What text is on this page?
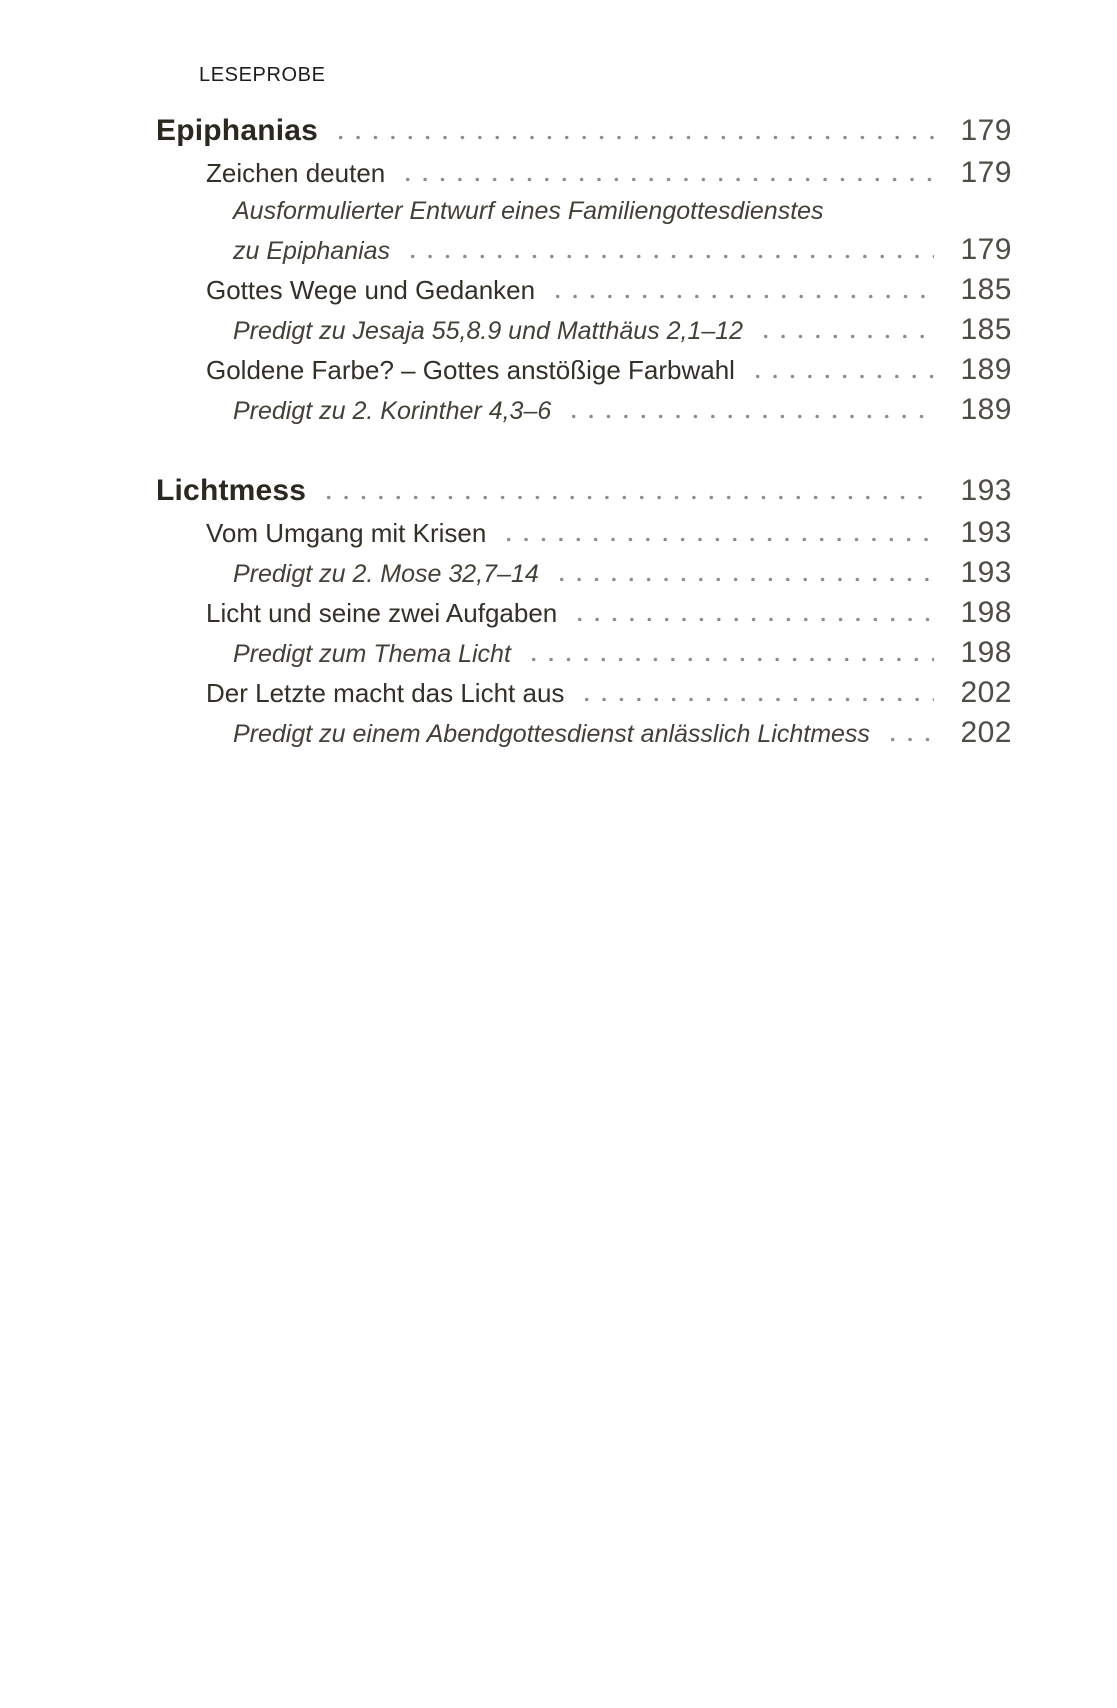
LESEPROBE
Epiphanias	179
Zeichen deuten	179
Ausformulierter Entwurf eines Familiengottesdienstes
zu Epiphanias	179
Gottes Wege und Gedanken	185
Predigt zu Jesaja 55,8.9 und Matthäus 2,1–12	185
Goldene Farbe? – Gottes anstößige Farbwahl	189
Predigt zu 2. Korinther 4,3–6	189
Lichtmess	193
Vom Umgang mit Krisen	193
Predigt zu 2. Mose 32,7–14	193
Licht und seine zwei Aufgaben	198
Predigt zum Thema Licht	198
Der Letzte macht das Licht aus	202
Predigt zu einem Abendgottesdienst anlässlich Lichtmess	202
